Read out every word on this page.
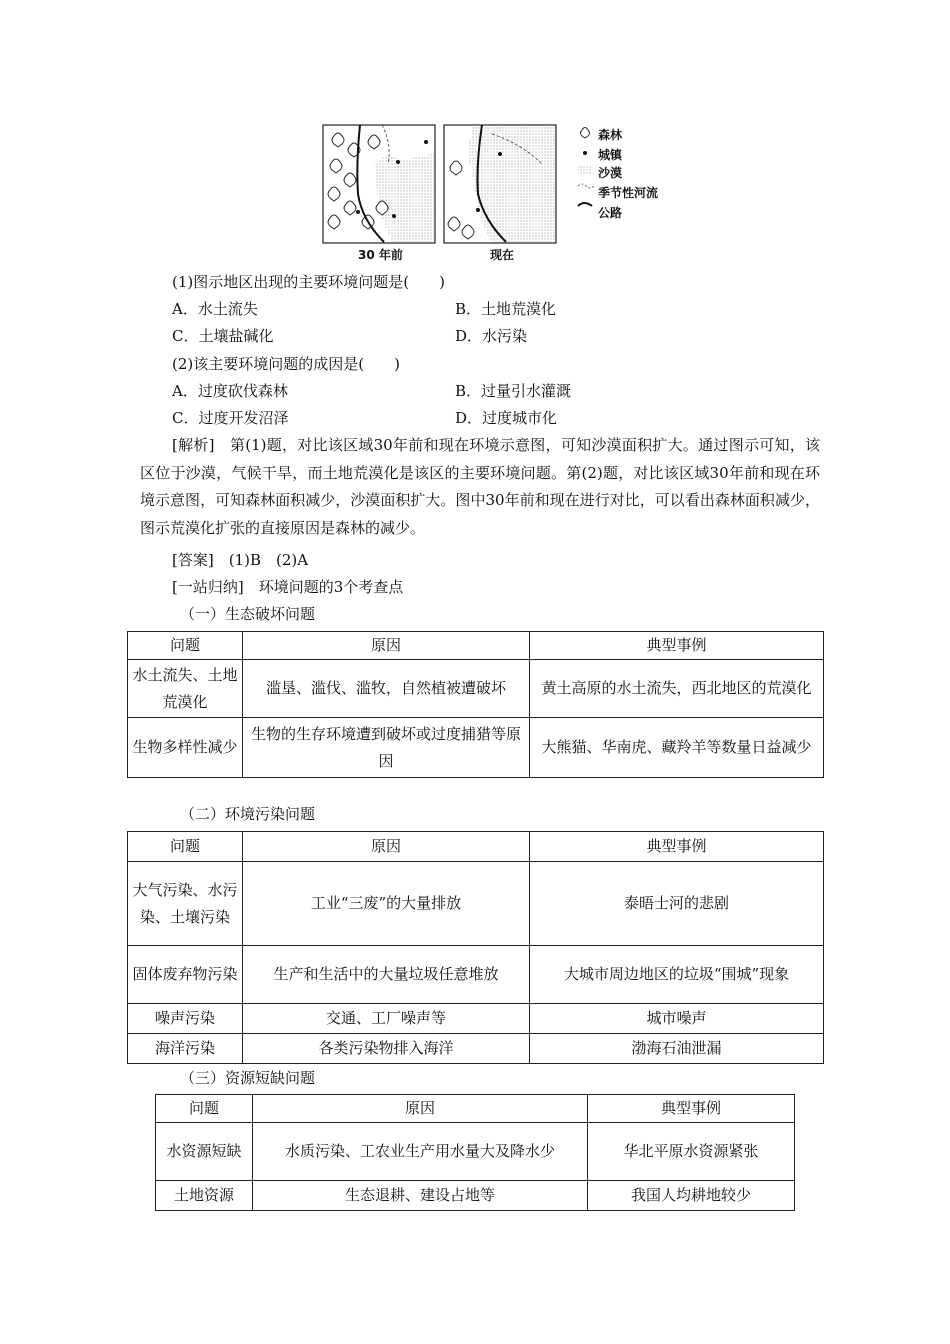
30 年前	现在
森林
城镇
沙漠
季节性河流
公路
(1)图示地区出现的主要环境问题是(　　)
A．水土流失	B．土地荒漠化
C．土壤盐碱化	D．水污染
(2)该主要环境问题的成因是(　　)
A．过度砍伐森林	B．过量引水灌溉
C．过度开发沼泽	D．过度城市化
[解析]　第(1)题，对比该区域30年前和现在环境示意图，可知沙漠面积扩大。通过图示可知，该区位于沙漠，气候干旱，而土地荒漠化是该区的主要环境问题。第(2)题，对比该区域30年前和现在环境示意图，可知森林面积减少，沙漠面积扩大。图中30年前和现在进行对比，可以看出森林面积减少，图示荒漠化扩张的直接原因是森林的减少。
[答案]　(1)B　(2)A
[一站归纳]　环境问题的3个考查点
（一）生态破坏问题
问题	原因	典型事例
水土流失、土地荒漠化	滥垦、滥伐、滥牧，自然植被遭破坏	黄土高原的水土流失，西北地区的荒漠化
生物多样性减少	生物的生存环境遭到破坏或过度捕猎等原因	大熊猫、华南虎、藏羚羊等数量日益减少
（二）环境污染问题
问题	原因	典型事例
大气污染、水污染、土壤污染	工业“三废”的大量排放	泰晤士河的悲剧
固体废弃物污染	生产和生活中的大量垃圾任意堆放	大城市周边地区的垃圾“围城”现象
噪声污染	交通、工厂噪声等	城市噪声
海洋污染	各类污染物排入海洋	渤海石油泄漏
（三）资源短缺问题
问题	原因	典型事例
水资源短缺	水质污染、工农业生产用水量大及降水少	华北平原水资源紧张
土地资源	生态退耕、建设占地等	我国人均耕地较少
